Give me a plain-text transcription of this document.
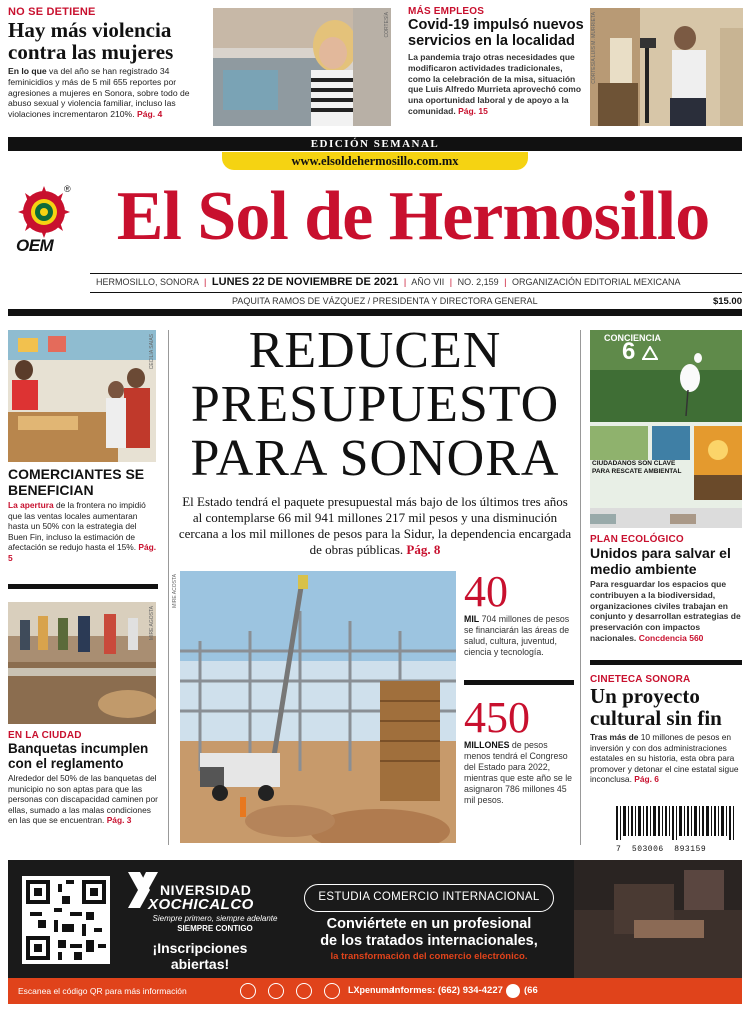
NO SE DETIENE
Hay más violencia contra las mujeres
En lo que va del año se han registrado 34 feminicidios y más de 5 mil 655 reportes por agresiones a mujeres en Sonora, sobre todo de abuso sexual y violencia familiar, incluso las violaciones incrementaron 210%. Pág. 4
CORTESÍA
MÁS EMPLEOS
Covid-19 impulsó nuevos servicios en la localidad
La pandemia trajo otras necesidades que modificaron actividades tradicionales, como la celebración de la misa, situación que Luis Alfredo Murrieta aprovechó como una oportunidad laboral y de apoyo a la comunidad. Pág. 15
CORTESÍA LUIS M. MURRIETA
EDICIÓN SEMANAL
www.elsoldehermosillo.com.mx
OEM
® El Sol de Hermosillo
HERMOSILLO, SONORA | LUNES 22 DE NOVIEMBRE DE 2021 | AÑO VII | NO. 2,159 | ORGANIZACIÓN EDITORIAL MEXICANA
PAQUITA RAMOS DE VÁZQUEZ / PRESIDENTA Y DIRECTORA GENERAL	$15.00
CECILIA SAIAS
COMERCIANTES SE BENEFICIAN
La apertura de la frontera no impidió que las ventas locales aumentaran hasta un 50% con la estrategia del Buen Fin, incluso la estimación de afectación se redujo hasta el 15%. Pág. 5
MIRE AGOSTA
EN LA CIUDAD
Banquetas incumplen con el reglamento
Alrededor del 50% de las banquetas del municipio no son aptas para que las personas con discapacidad caminen por ellas, sumado a las malas condiciones en las que se encuentran. Pág. 3
REDUCEN
PRESUPUESTO
PARA SONORA
El Estado tendrá el paquete presupuestal más bajo de los últimos tres años al contemplarse 66 mil 941 millones 217 mil pesos y una disminución cercana a los mil millones de pesos para la Sidur, la dependencia encargada de obras públicas. Pág. 8
MIRE ACOSTA	40
MIL 704 millones de pesos se financiarán las áreas de salud, cultura, juventud, ciencia y tecnología.
450
MILLONES de pesos menos tendrá el Congreso del Estado para 2022, mientras que este año se le asignaron 786 millones 45 mil pesos.
CONCIENCIA
6
CIUDADANOS SON CLAVE PARA RESCATE AMBIENTAL
PLAN ECOLÓGICO
Unidos para salvar el medio ambiente
Para resguardar los espacios que contribuyen a la biodiversidad, organizaciones civiles trabajan en conjunto y desarrollan estrategias de preservación con impactos nacionales. Concdencia 560
CINETECA SONORA
Un proyecto cultural sin fin
Tras más de 10 millones de pesos en inversión y con dos administraciones estatales en su historia, esta obra para promover y detonar el cine estatal sigue inconclusa. Pág. 6
7  503006  893159
NIVERSIDAD
XOCHICALCO
Siempre primero, siempre adelante
SIEMPRE CONTIGO
¡Inscripciones abiertas!
ESTUDIA COMERCIO INTERNACIONAL
Conviértete en un profesional
de los tratados internacionales,
la transformación del comercio electrónico.
Escanea el código QR para más información	LXpenuma
Informes: (662) 934-4227 (66
